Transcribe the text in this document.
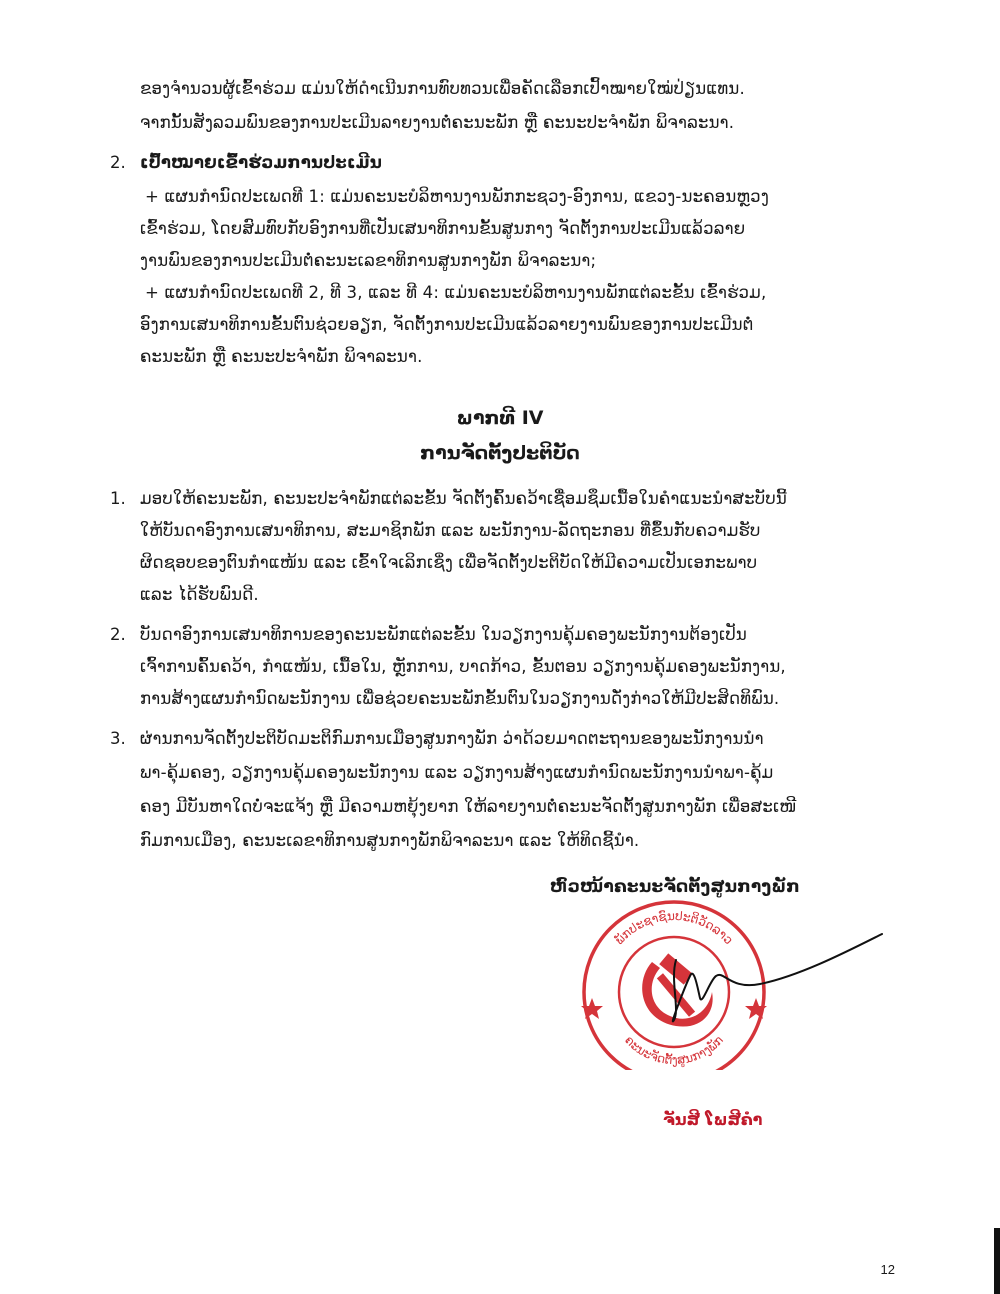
ຂອງຈໍານວນຜູ້ເຂົ້າຮ່ວມ ແມ່ນໃຫ້ດໍາເນີນການທົບທວນເພື່ອຄັດເລືອກເປົ້າໝາຍໃໝ່ປ່ຽນແທນ.
ຈາກນັ້ນສັງລວມພົນຂອງການປະເມີນລາຍງານຕໍ່ຄະນະພັກ ຫຼື ຄະນະປະຈໍາພັກ ພິຈາລະນາ.
2. ເປົ້າໝາຍເຂົ້າຮ່ວມການປະເມີນ
+ ແຜນກໍານົດປະເພດທີ 1: ແມ່ນຄະນະບໍລິຫານງານພັກກະຊວງ-ອົງການ, ແຂວງ-ນະຄອນຫຼວງ
ເຂົ້າຮ່ວມ, ໂດຍສົມທົບກັບອົງການທີ່ເປັນເສນາທິການຂັ້ນສູນກາງ ຈັດຕັ້ງການປະເມີນແລ້ວລາຍ
ງານພົນຂອງການປະເມີນຕໍ່ຄະນະເລຂາທິການສູນກາງພັກ ພິຈາລະນາ;
+ ແຜນກໍານົດປະເພດທີ 2, ທີ 3, ແລະ ທີ 4: ແມ່ນຄະນະບໍລິຫານງານພັກແຕ່ລະຂັ້ນ ເຂົ້າຮ່ວມ,
ອົງການເສນາທິການຂັ້ນຕົນຊ່ວຍອຽກ, ຈັດຕັ້ງການປະເມີນແລ້ວລາຍງານພົນຂອງການປະເມີນຕໍ່
ຄະນະພັກ ຫຼື ຄະນະປະຈໍາພັກ ພິຈາລະນາ.
ພາກທີ IV
ການຈັດຕັ້ງປະຕິບັດ
1. ມອບໃຫ້ຄະນະພັກ, ຄະນະປະຈໍາພັກແຕ່ລະຂັ້ນ ຈັດຕັ້ງຄົ້ນຄວ້າເຊື່ອມຊຶມເນື້ອໃນຄໍາແນະນໍາສະບັບນີ້
ໃຫ້ບັນດາອົງການເສນາທິການ, ສະມາຊິກພັກ ແລະ ພະນັກງານ-ລັດຖະກອນ ທີ່ຂຶ້ນກັບຄວາມຮັບ
ຜິດຊອບຂອງຕົນກໍາແໜ້ນ ແລະ ເຂົ້າໃຈເລິກເຊິ່ງ ເພື່ອຈັດຕັ້ງປະຕິບັດໃຫ້ມີຄວາມເປັນເອກະພາບ
ແລະ ໄດ້ຮັບພົນດີ.
2. ບັນດາອົງການເສນາທິການຂອງຄະນະພັກແຕ່ລະຂັ້ນ ໃນວຽກງານຄຸ້ມຄອງພະນັກງານຕ້ອງເປັນ
ເຈົ້າການຄົ້ນຄວ້າ, ກໍາແໜ້ນ, ເນື້ອໃນ, ຫຼັກການ, ບາດກ້າວ, ຂັ້ນຕອນ ວຽກງານຄຸ້ມຄອງພະນັກງານ,
ການສ້າງແຜນກໍານົດພະນັກງານ ເພື່ອຊ່ວຍຄະນະພັກຂັ້ນຕົນໃນວຽກງານດັ່ງກ່າວໃຫ້ມີປະສິດທິພົນ.
3. ຜ່ານການຈັດຕັ້ງປະຕິບັດມະຕິກົມການເມືອງສູນກາງພັກ ວ່າດ້ວຍມາດຕະຖານຂອງພະນັກງານນໍາ
ພາ-ຄຸ້ມຄອງ, ວຽກງານຄຸ້ມຄອງພະນັກງານ ແລະ ວຽກງານສ້າງແຜນກໍານົດພະນັກງານນໍາພາ-ຄຸ້ມ
ຄອງ ມີບັນຫາໃດບໍ່ຈະແຈ້ງ ຫຼື ມີຄວາມຫຍຸ້ງຍາກ ໃຫ້ລາຍງານຕໍ່ຄະນະຈັດຕັ້ງສູນກາງພັກ ເພື່ອສະເໜີ
ກົມການເມືອງ, ຄະນະເລຂາທິການສູນກາງພັກພິຈາລະນາ ແລະ ໃຫ້ທິດຊີ້ນໍາ.
ຫົວໜ້າຄະນະຈັດຕັ້ງສູນກາງພັກ
ພັກປະຊາຊົນປະຕິວັດລາວ
ຄະນະຈັດຕັ້ງສູນກາງພັກ
ຈັນສີ ໂພສີຄໍາ
12
